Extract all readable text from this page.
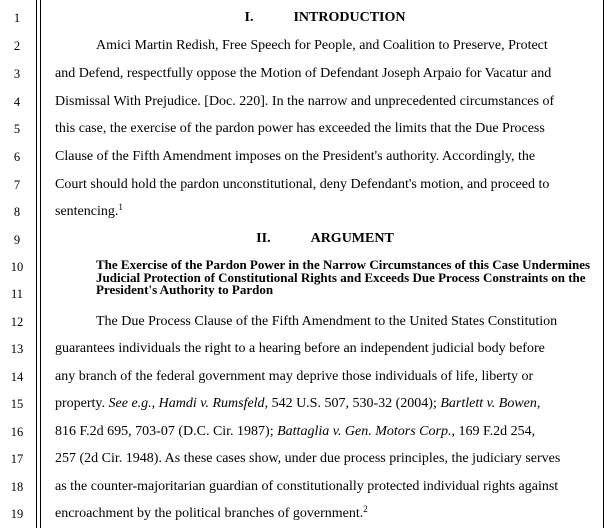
1
2
3
4
5
6
7
8
9
10
11
12
13
14
15
16
17
18
19
I.	INTRODUCTION
Amici Martin Redish, Free Speech for People, and Coalition to Preserve, Protect
and Defend, respectfully oppose the Motion of Defendant Joseph Arpaio for Vacatur and
Dismissal With Prejudice. [Doc. 220]. In the narrow and unprecedented circumstances of
this case, the exercise of the pardon power has exceeded the limits that the Due Process
Clause of the Fifth Amendment imposes on the President's authority. Accordingly, the
Court should hold the pardon unconstitutional, deny Defendant's motion, and proceed to
sentencing.$^1$
II.	ARGUMENT
The Exercise of the Pardon Power in the Narrow Circumstances of this Case Undermines Judicial Protection of Constitutional Rights and Exceeds Due Process Constraints on the President's Authority to Pardon
The Due Process Clause of the Fifth Amendment to the United States Constitution
guarantees individuals the right to a hearing before an independent judicial body before
any branch of the federal government may deprive those individuals of life, liberty or
property. See e.g., Hamdi v. Rumsfeld, 542 U.S. 507, 530-32 (2004); Bartlett v. Bowen,
816 F.2d 695, 703-07 (D.C. Cir. 1987); Battaglia v. Gen. Motors Corp., 169 F.2d 254,
257 (2d Cir. 1948). As these cases show, under due process principles, the judiciary serves
as the counter-majoritarian guardian of constitutionally protected individual rights against
encroachment by the political branches of government.$^2$
